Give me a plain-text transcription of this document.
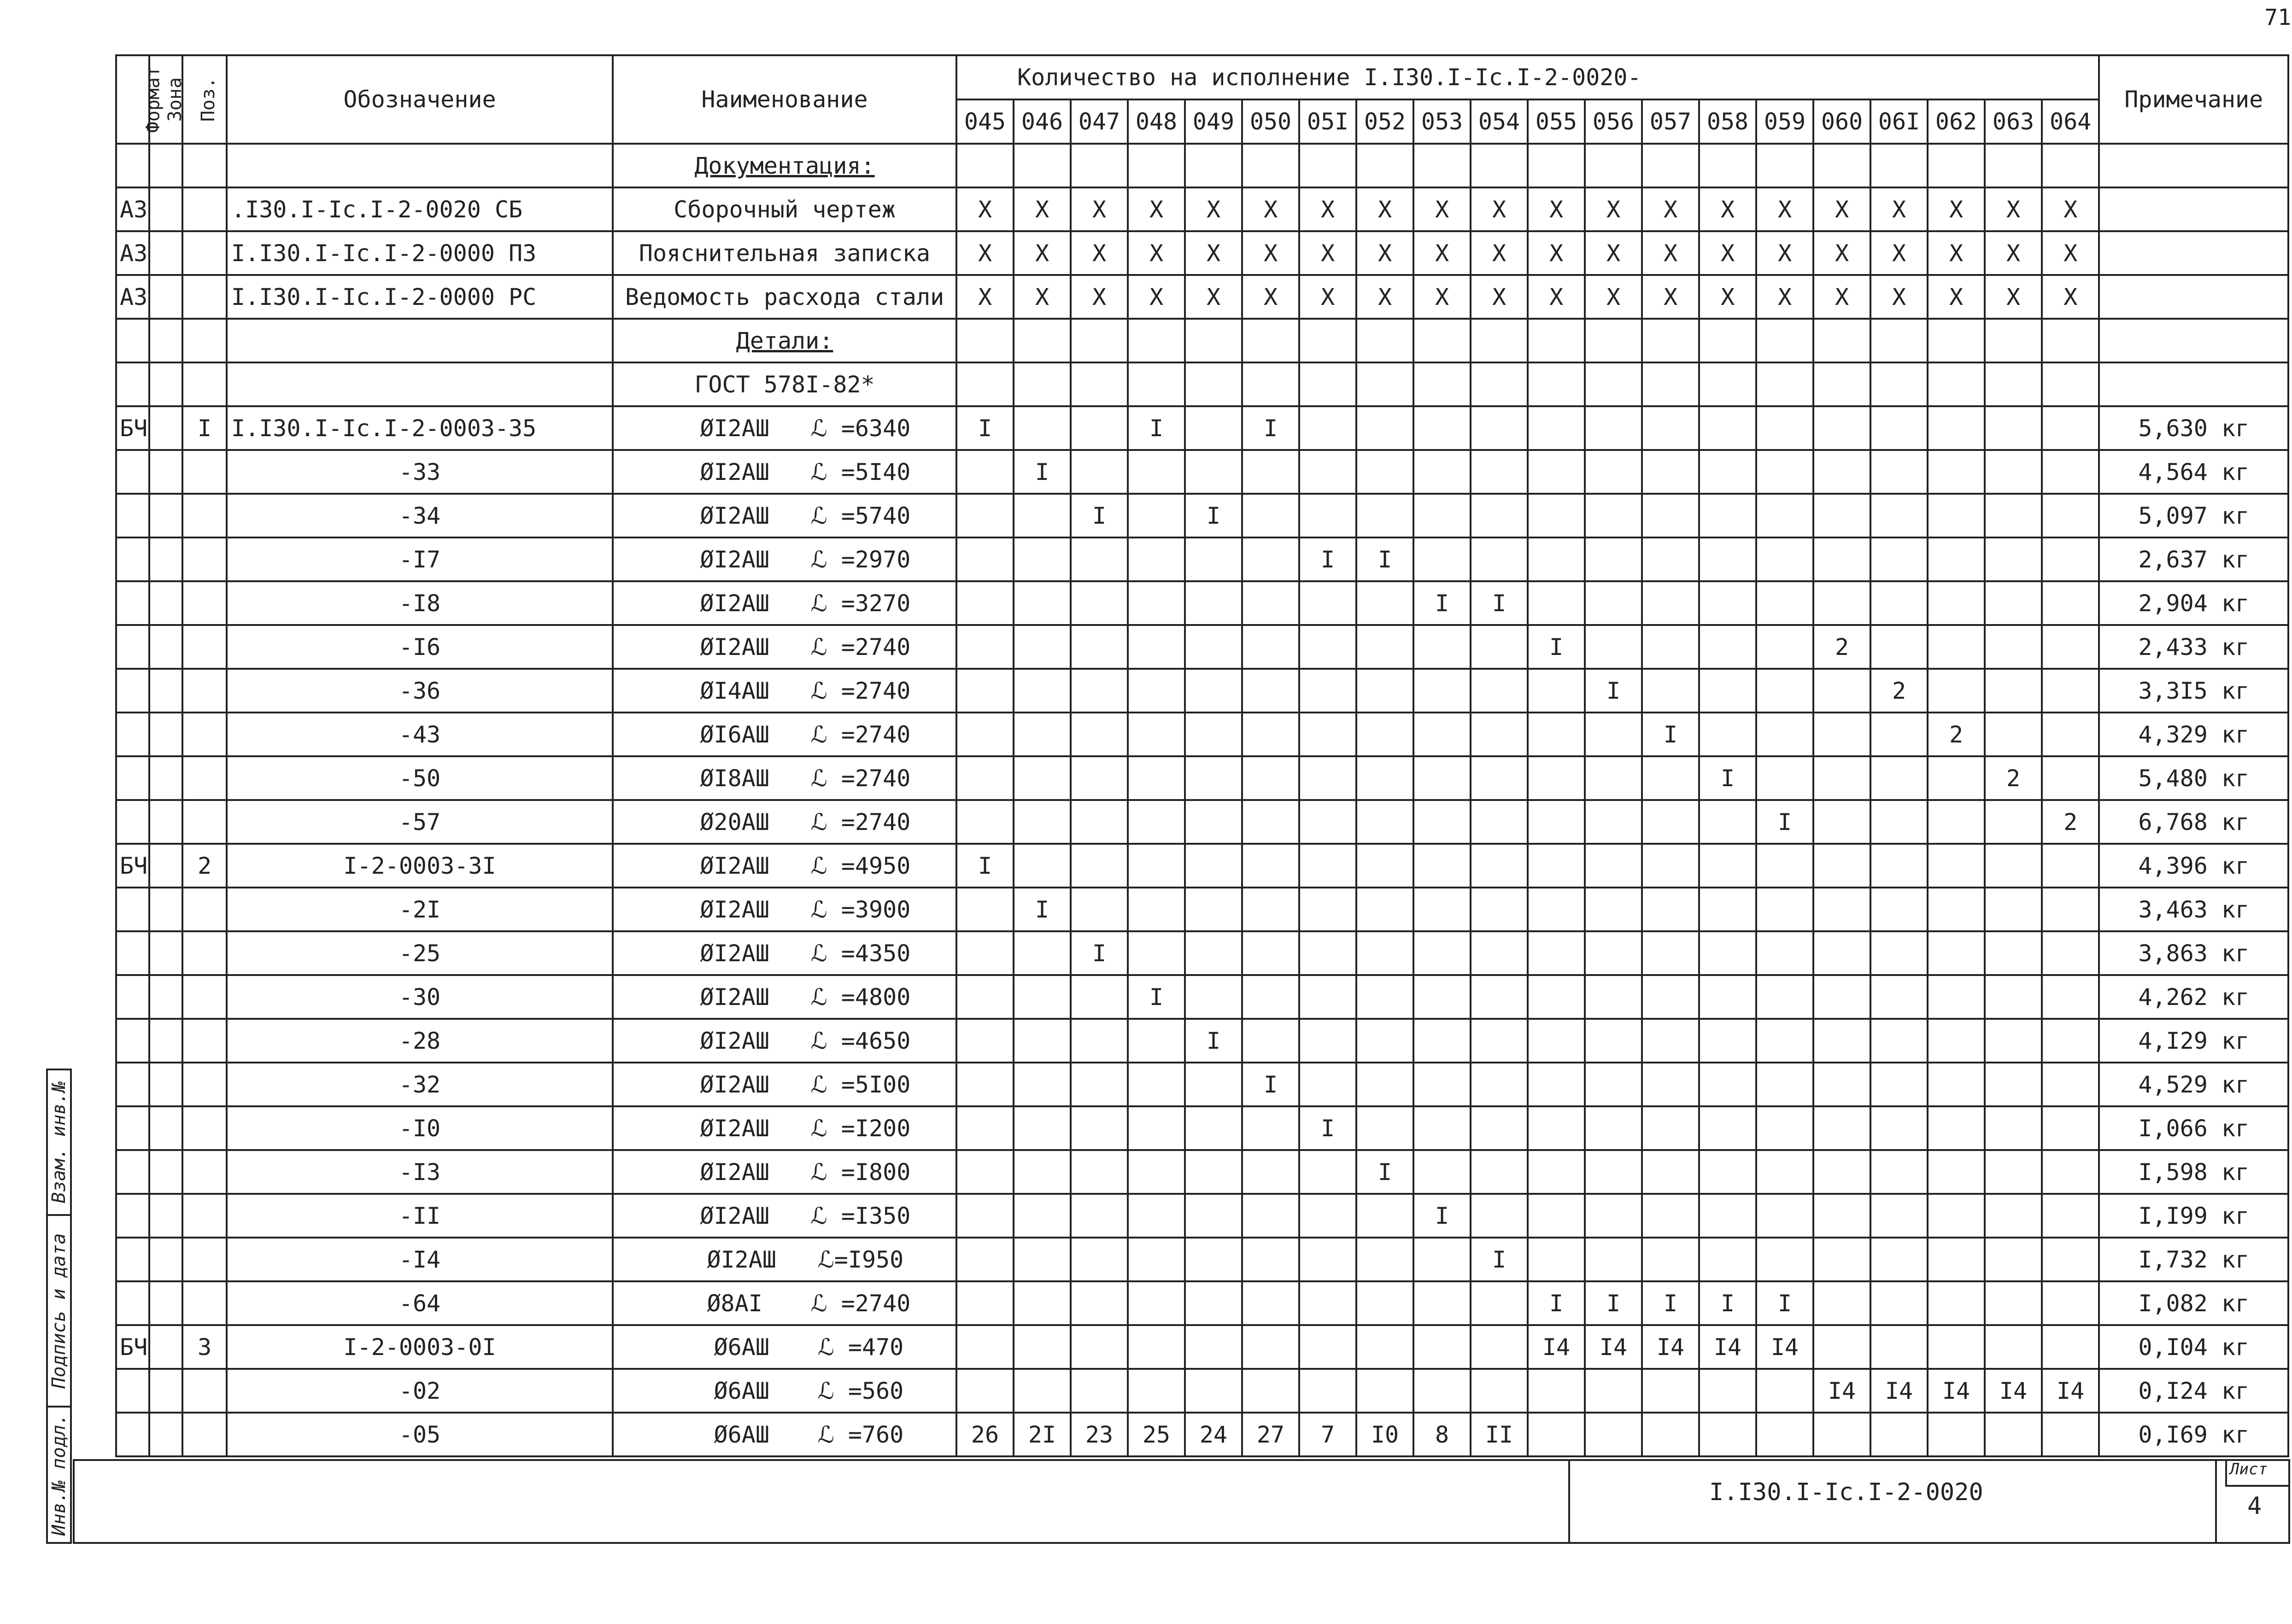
71
Взам. инв.№
Подпись и дата
Инв.№ подл.
Формат	Зона	Поз.	Обозначение	Наименование	Количество на исполнение I.I30.I-Ic.I-2-0020-																				Примечание
					045	046	047	048	049	050	05I	052	053	054	055	056	057	058	059	060	06I	062	063	064	
				Документация:																					
А3			.I30.I-Ic.I-2-0020 СБ	Сборочный чертеж	X	X	X	X	X	X	X	X	X	X	X	X	X	X	X	X	X	X	X	X	
А3			I.I30.I-Ic.I-2-0000 ПЗ	Пояснительная записка	X	X	X	X	X	X	X	X	X	X	X	X	X	X	X	X	X	X	X	X	
А3			I.I30.I-Ic.I-2-0000 РС	Ведомость расхода стали	X	X	X	X	X	X	X	X	X	X	X	X	X	X	X	X	X	X	X	X	
				Детали:																					
				ГОСТ 578I-82*																					
БЧ		I	I.I30.I-Ic.I-2-0003-35	ØI2AШ ℒ =6340	I			I		I															5,630 кг
			-33	ØI2AШ ℒ =5I40		I																			4,564 кг
			-34	ØI2AШ ℒ =5740			I		I																5,097 кг
			-I7	ØI2AШ ℒ =2970							I	I													2,637 кг
			-I8	ØI2AШ ℒ =3270									I	I											2,904 кг
			-I6	ØI2AШ ℒ =2740											I					2					2,433 кг
			-36	ØI4AШ ℒ =2740												I					2				3,3I5 кг
			-43	ØI6AШ ℒ =2740													I					2			4,329 кг
			-50	ØI8AШ ℒ =2740														I					2		5,480 кг
			-57	Ø20AШ ℒ =2740															I					2	6,768 кг
БЧ		2	I-2-0003-3I	ØI2AШ ℒ =4950	I																				4,396 кг
			-2I	ØI2AШ ℒ =3900		I																			3,463 кг
			-25	ØI2AШ ℒ =4350			I																		3,863 кг
			-30	ØI2AШ ℒ =4800				I																	4,262 кг
			-28	ØI2AШ ℒ =4650					I																4,I29 кг
			-32	ØI2AШ ℒ =5I00						I															4,529 кг
			-I0	ØI2AШ ℒ =I200							I														I,066 кг
			-I3	ØI2AШ ℒ =I800								I													I,598 кг
			-II	ØI2AШ ℒ =I350									I												I,I99 кг
			-I4	ØI2AШ ℒ=I950										I											I,732 кг
			-64	Ø8AI ℒ =2740											I	I	I	I	I						I,082 кг
БЧ		3	I-2-0003-0I	Ø6AШ ℒ =470											I4	I4	I4	I4	I4						0,I04 кг
			-02	Ø6AШ ℒ =560																I4	I4	I4	I4	I4	0,I24 кг
			-05	Ø6AШ ℒ =760	26	2I	23	25	24	27	7	I0	8	II											0,I69 кг
I.I30.I-Ic.I-2-0020
Лист
4
